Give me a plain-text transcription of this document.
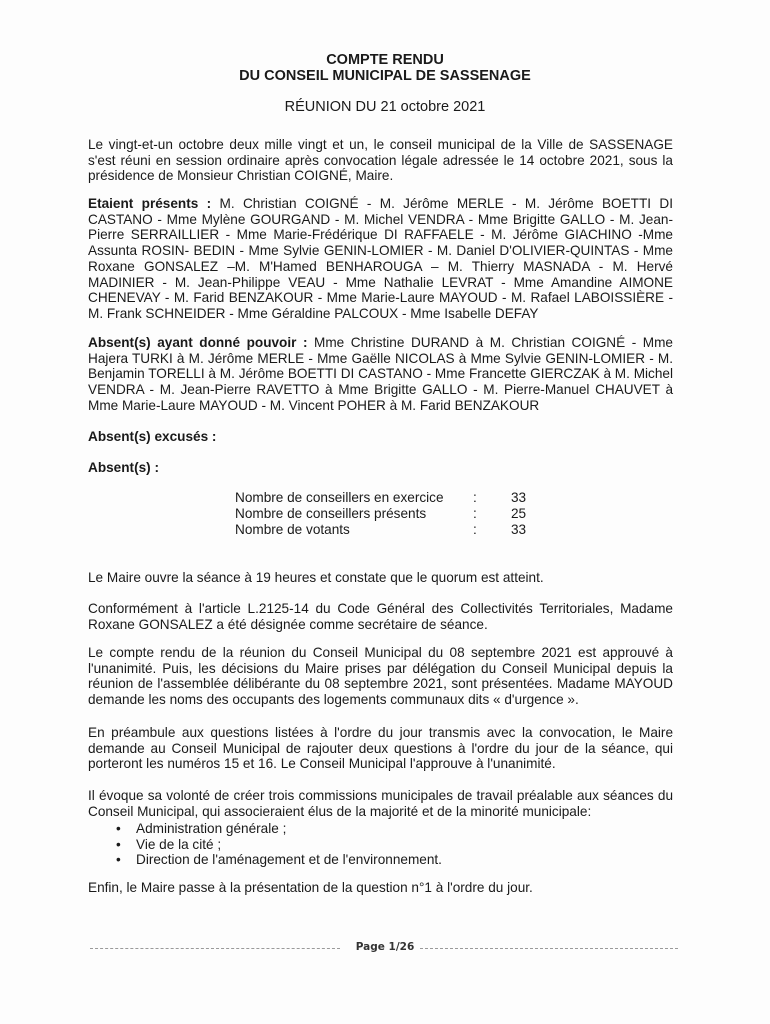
COMPTE RENDU
DU CONSEIL MUNICIPAL DE SASSENAGE
RÉUNION DU 21 octobre 2021
Le vingt-et-un octobre deux mille vingt et un, le conseil municipal de la Ville de SASSENAGE s'est réuni en session ordinaire après convocation légale adressée le 14 octobre 2021, sous la présidence de Monsieur Christian COIGNÉ, Maire.
Etaient présents : M. Christian COIGNÉ - M. Jérôme MERLE - M. Jérôme BOETTI DI CASTANO - Mme Mylène GOURGAND - M. Michel VENDRA - Mme Brigitte GALLO - M. Jean-Pierre SERRAILLIER - Mme Marie-Frédérique DI RAFFAELE - M. Jérôme GIACHINO -Mme Assunta ROSIN- BEDIN - Mme Sylvie GENIN-LOMIER - M. Daniel D'OLIVIER-QUINTAS - Mme Roxane GONSALEZ –M. M'Hamed BENHAROUGA – M. Thierry MASNADA - M. Hervé MADINIER - M. Jean-Philippe VEAU - Mme Nathalie LEVRAT - Mme Amandine AIMONE CHENEVAY - M. Farid BENZAKOUR - Mme Marie-Laure MAYOUD - M. Rafael LABOISSIÈRE - M. Frank SCHNEIDER - Mme Géraldine PALCOUX - Mme Isabelle DEFAY
Absent(s) ayant donné pouvoir : Mme Christine DURAND à M. Christian COIGNÉ - Mme Hajera TURKI à M. Jérôme MERLE - Mme Gaëlle NICOLAS à Mme Sylvie GENIN-LOMIER - M. Benjamin TORELLI à M. Jérôme BOETTI DI CASTANO - Mme Francette GIERCZAK à M. Michel VENDRA - M. Jean-Pierre RAVETTO à Mme Brigitte GALLO - M. Pierre-Manuel CHAUVET à Mme Marie-Laure MAYOUD - M. Vincent POHER à M. Farid BENZAKOUR
Absent(s) excusés :
Absent(s) :
Nombre de conseillers en exercice :	33
Nombre de conseillers présents	:	25
Nombre de votants	:	33
Le Maire ouvre la séance à 19 heures et constate que le quorum est atteint.
Conformément à l'article L.2125-14 du Code Général des Collectivités Territoriales, Madame Roxane GONSALEZ a été désignée comme secrétaire de séance.
Le compte rendu de la réunion du Conseil Municipal du 08 septembre 2021 est approuvé à l'unanimité. Puis, les décisions du Maire prises par délégation du Conseil Municipal depuis la réunion de l'assemblée délibérante du 08 septembre 2021, sont présentées. Madame MAYOUD demande les noms des occupants des logements communaux dits « d'urgence ».
En préambule aux questions listées à l'ordre du jour transmis avec la convocation, le Maire demande au Conseil Municipal de rajouter deux questions à l'ordre du jour de la séance, qui porteront les numéros 15 et 16. Le Conseil Municipal l'approuve à l'unanimité.
Il évoque sa volonté de créer trois commissions municipales de travail préalable aux séances du Conseil Municipal, qui associeraient élus de la majorité et de la minorité municipale:
• Administration générale ;
• Vie de la cité ;
• Direction de l'aménagement et de l'environnement.
Enfin, le Maire passe à la présentation de la question n°1 à l'ordre du jour.
Page 1/26
